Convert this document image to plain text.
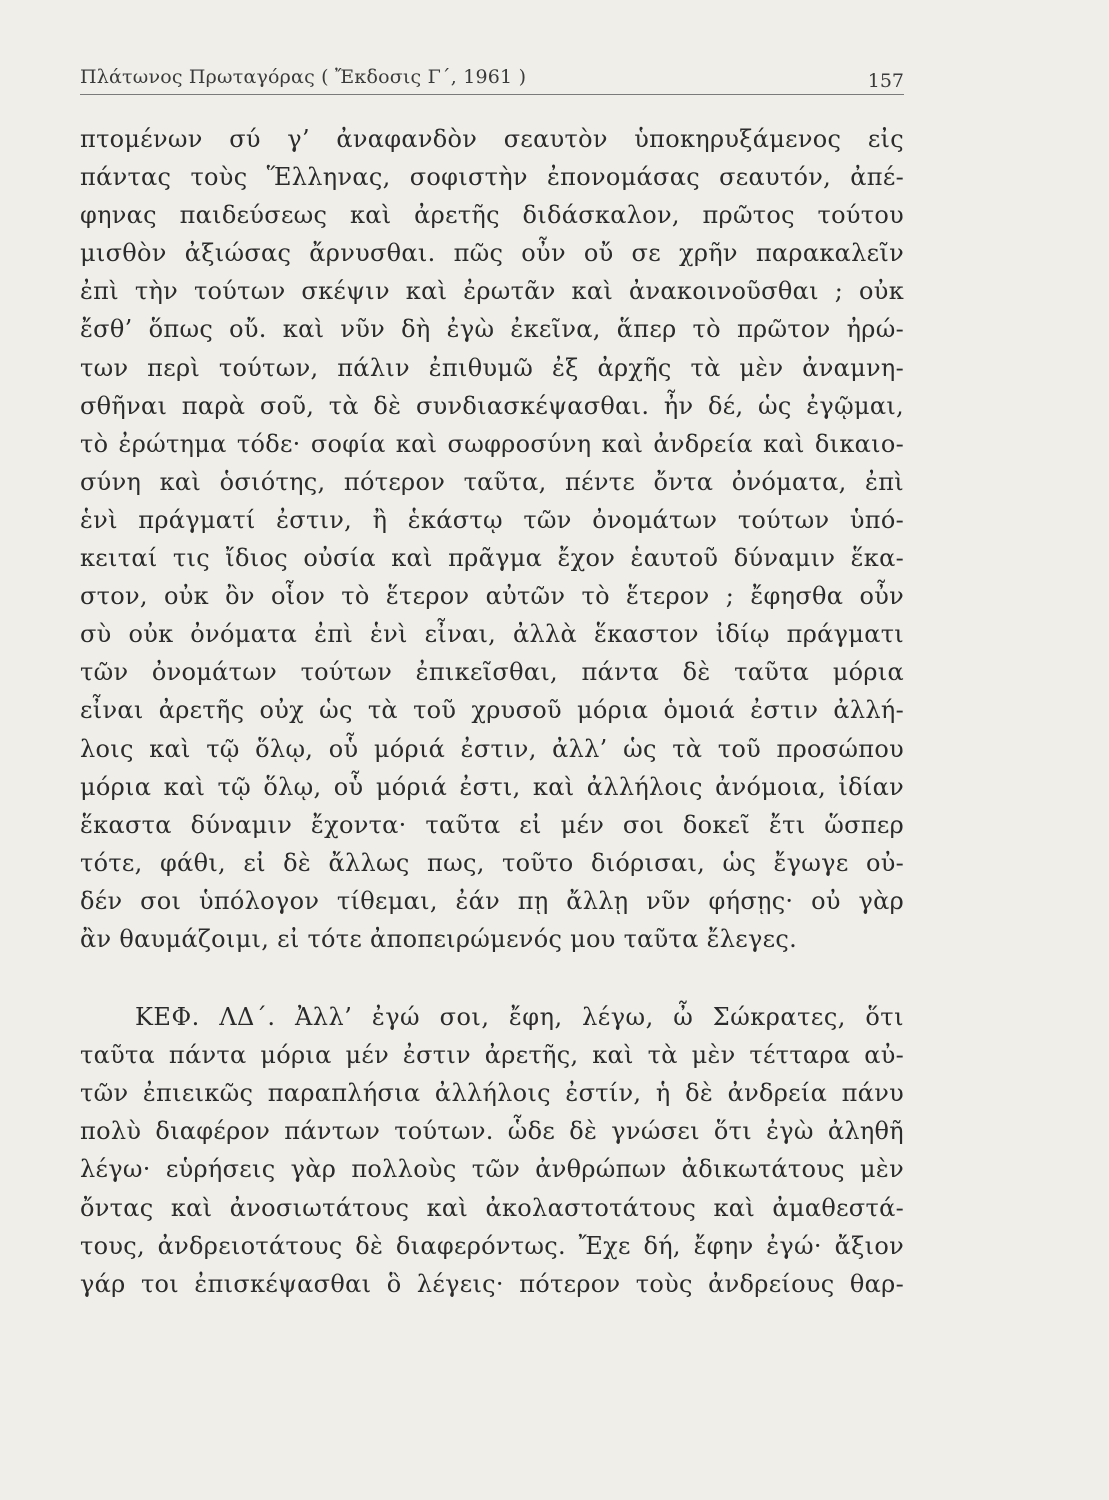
Πλάτωνος Πρωταγόρας ( Ἔκδοσις Γ΄, 1961 )	157
πτομένων σύ γ’ ἀναφανδὸν σεαυτὸν ὑποκηρυξάμενος εἰς
πάντας τοὺς Ἕλληνας, σοφιστὴν ἐπονομάσας σεαυτόν, ἀπέ-
φηνας παιδεύσεως καὶ ἀρετῆς διδάσκαλον, πρῶτος τούτου
μισθὸν ἀξιώσας ἄρνυσθαι. πῶς οὖν οὔ σε χρῆν παρακαλεῖν
ἐπὶ τὴν τούτων σκέψιν καὶ ἐρωτᾶν καὶ ἀνακοινοῦσθαι ; οὐκ
ἔσθ’ ὅπως οὔ. καὶ νῦν δὴ ἐγὼ ἐκεῖνα, ἅπερ τὸ πρῶτον ἠρώ-
των περὶ τούτων, πάλιν ἐπιθυμῶ ἐξ ἀρχῆς τὰ μὲν ἀναμνη-
σθῆναι παρὰ σοῦ, τὰ δὲ συνδιασκέψασθαι. ἦν δέ, ὡς ἐγῷμαι,
τὸ ἐρώτημα τόδε· σοφία καὶ σωφροσύνη καὶ ἀνδρεία καὶ δικαιο-
σύνη καὶ ὁσιότης, πότερον ταῦτα, πέντε ὄντα ὀνόματα, ἐπὶ
ἑνὶ πράγματί ἐστιν, ἢ ἑκάστῳ τῶν ὀνομάτων τούτων ὑπό-
κειταί τις ἴδιος οὐσία καὶ πρᾶγμα ἔχον ἑαυτοῦ δύναμιν ἕκα-
στον, οὐκ ὂν οἷον τὸ ἕτερον αὐτῶν τὸ ἕτερον ; ἔφησθα οὖν
σὺ οὐκ ὀνόματα ἐπὶ ἑνὶ εἶναι, ἀλλὰ ἕκαστον ἰδίῳ πράγματι
τῶν ὀνομάτων τούτων ἐπικεῖσθαι, πάντα δὲ ταῦτα μόρια
εἶναι ἀρετῆς οὐχ ὡς τὰ τοῦ χρυσοῦ μόρια ὁμοιά ἐστιν ἀλλή-
λοις καὶ τῷ ὅλῳ, οὗ μόριά ἐστιν, ἀλλ’ ὡς τὰ τοῦ προσώπου
μόρια καὶ τῷ ὅλῳ, οὗ μόριά ἐστι, καὶ ἀλλήλοις ἀνόμοια, ἰδίαν
ἕκαστα δύναμιν ἔχοντα· ταῦτα εἰ μέν σοι δοκεῖ ἔτι ὥσπερ
τότε, φάθι, εἰ δὲ ἄλλως πως, τοῦτο διόρισαι, ὡς ἔγωγε οὐ-
δέν σοι ὑπόλογον τίθεμαι, ἐάν πῃ ἄλλῃ νῦν φήσῃς· οὐ γὰρ
ἂν θαυμάζοιμι, εἰ τότε ἀποπειρώμενός μου ταῦτα ἔλεγες.
ΚΕΦ. ΛΔ΄. Ἀλλ’ ἐγώ σοι, ἔφη, λέγω, ὦ Σώκρατες, ὅτι
ταῦτα πάντα μόρια μέν ἐστιν ἀρετῆς, καὶ τὰ μὲν τέτταρα αὐ-
τῶν ἐπιεικῶς παραπλήσια ἀλλήλοις ἐστίν, ἡ δὲ ἀνδρεία πάνυ
πολὺ διαφέρον πάντων τούτων. ὧδε δὲ γνώσει ὅτι ἐγὼ ἀληθῆ
λέγω· εὑρήσεις γὰρ πολλοὺς τῶν ἀνθρώπων ἀδικωτάτους μὲν
ὄντας καὶ ἀνοσιωτάτους καὶ ἀκολαστοτάτους καὶ ἀμαθεστά-
τους, ἀνδρειοτάτους δὲ διαφερόντως. Ἔχε δή, ἔφην ἐγώ· ἄξιον
γάρ τοι ἐπισκέψασθαι ὃ λέγεις· πότερον τοὺς ἀνδρείους θαρ-
